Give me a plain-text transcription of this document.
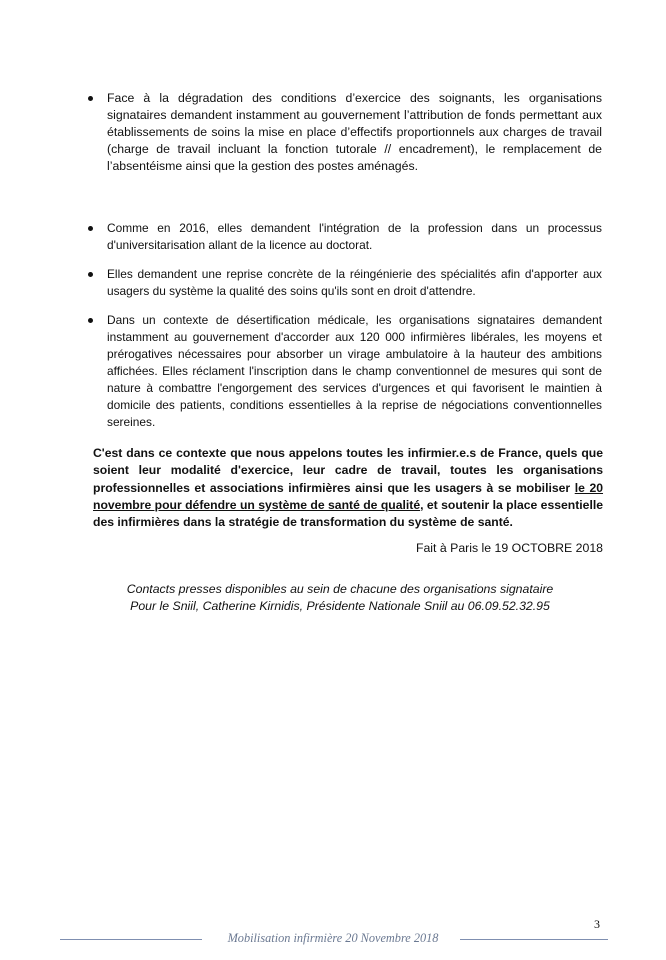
Face à la dégradation des conditions d’exercice des soignants, les organisations signataires demandent instamment au gouvernement l’attribution de fonds permettant aux établissements de soins la mise en place d’effectifs proportionnels aux charges de travail (charge de travail incluant la fonction tutorale // encadrement), le remplacement de l’absentéisme ainsi que la gestion des postes aménagés.
Comme en 2016, elles demandent l'intégration de la profession dans un processus d'universitarisation allant de la licence au doctorat.
Elles demandent une reprise concrète de la réingénierie des spécialités afin d'apporter aux usagers du système la qualité des soins qu'ils sont en droit d'attendre.
Dans un contexte de désertification médicale, les organisations signataires demandent instamment au gouvernement d'accorder aux 120 000 infirmières libérales, les moyens et prérogatives nécessaires pour absorber un virage ambulatoire à la hauteur des ambitions affichées. Elles réclament l'inscription dans le champ conventionnel de mesures qui sont de nature à combattre l'engorgement des services d'urgences et qui favorisent le maintien à domicile des patients, conditions essentielles à la reprise de négociations conventionnelles sereines.

C'est dans ce contexte que nous appelons toutes les infirmier.e.s de France, quels que soient leur modalité d'exercice, leur cadre de travail, toutes les organisations professionnelles et associations infirmières ainsi que les usagers à se mobiliser le 20 novembre pour défendre un système de santé de qualité, et soutenir la place essentielle des infirmières dans la stratégie de transformation du système de santé.

Fait à Paris le 19 OCTOBRE 2018
Contacts presses disponibles au sein de chacune des organisations signataire
Pour le Sniil, Catherine Kirnidis, Présidente Nationale Sniil au 06.09.52.32.95
3
Mobilisation infirmière 20 Novembre 2018
